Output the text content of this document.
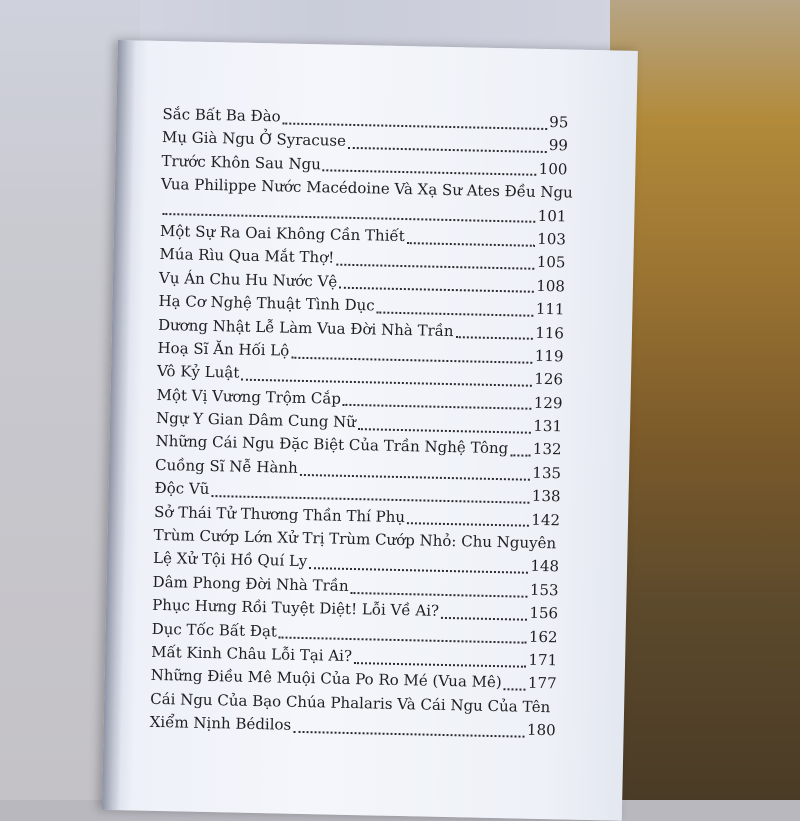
Sắc Bất Ba Đào	95
Mụ Già Ngu Ở Syracuse	99
Trước Khôn Sau Ngu	100
Vua Philippe Nước Macédoine Và Xạ Sư Ates Đều Ngu
101
Một Sự Ra Oai Không Cần Thiết	103
Múa Rìu Qua Mắt Thợ!	105
Vụ Án Chu Hu Nước Vệ	108
Hạ Cơ Nghệ Thuật Tình Dục	111
Dương Nhật Lễ Làm Vua Đời Nhà Trần	116
Hoạ Sĩ Ăn Hối Lộ	119
Vô Kỷ Luật	126
Một Vị Vương Trộm Cắp	129
Ngự Y Gian Dâm Cung Nữ	131
Những Cái Ngu Đặc Biệt Của Trần Nghệ Tông 132
Cuồng Sĩ Nễ Hành	135
Độc Vũ	138
Sở Thái Tử Thương Thần Thí Phụ	142
Trùm Cướp Lớn Xử Trị Trùm Cướp Nhỏ: Chu Nguyên
Lệ Xử Tội Hồ Quí Ly	148
Dâm Phong Đời Nhà Trần	153
Phục Hưng Rồi Tuyệt Diệt! Lỗi Về Ai?	156
Dục Tốc Bất Đạt	162
Mất Kinh Châu Lỗi Tại Ai?	171
Những Điều Mê Muội Của Po Ro Mé (Vua Mê) 177
Cái Ngu Của Bạo Chúa Phalaris Và Cái Ngu Của Tên
Xiểm Nịnh Bédilos	180
